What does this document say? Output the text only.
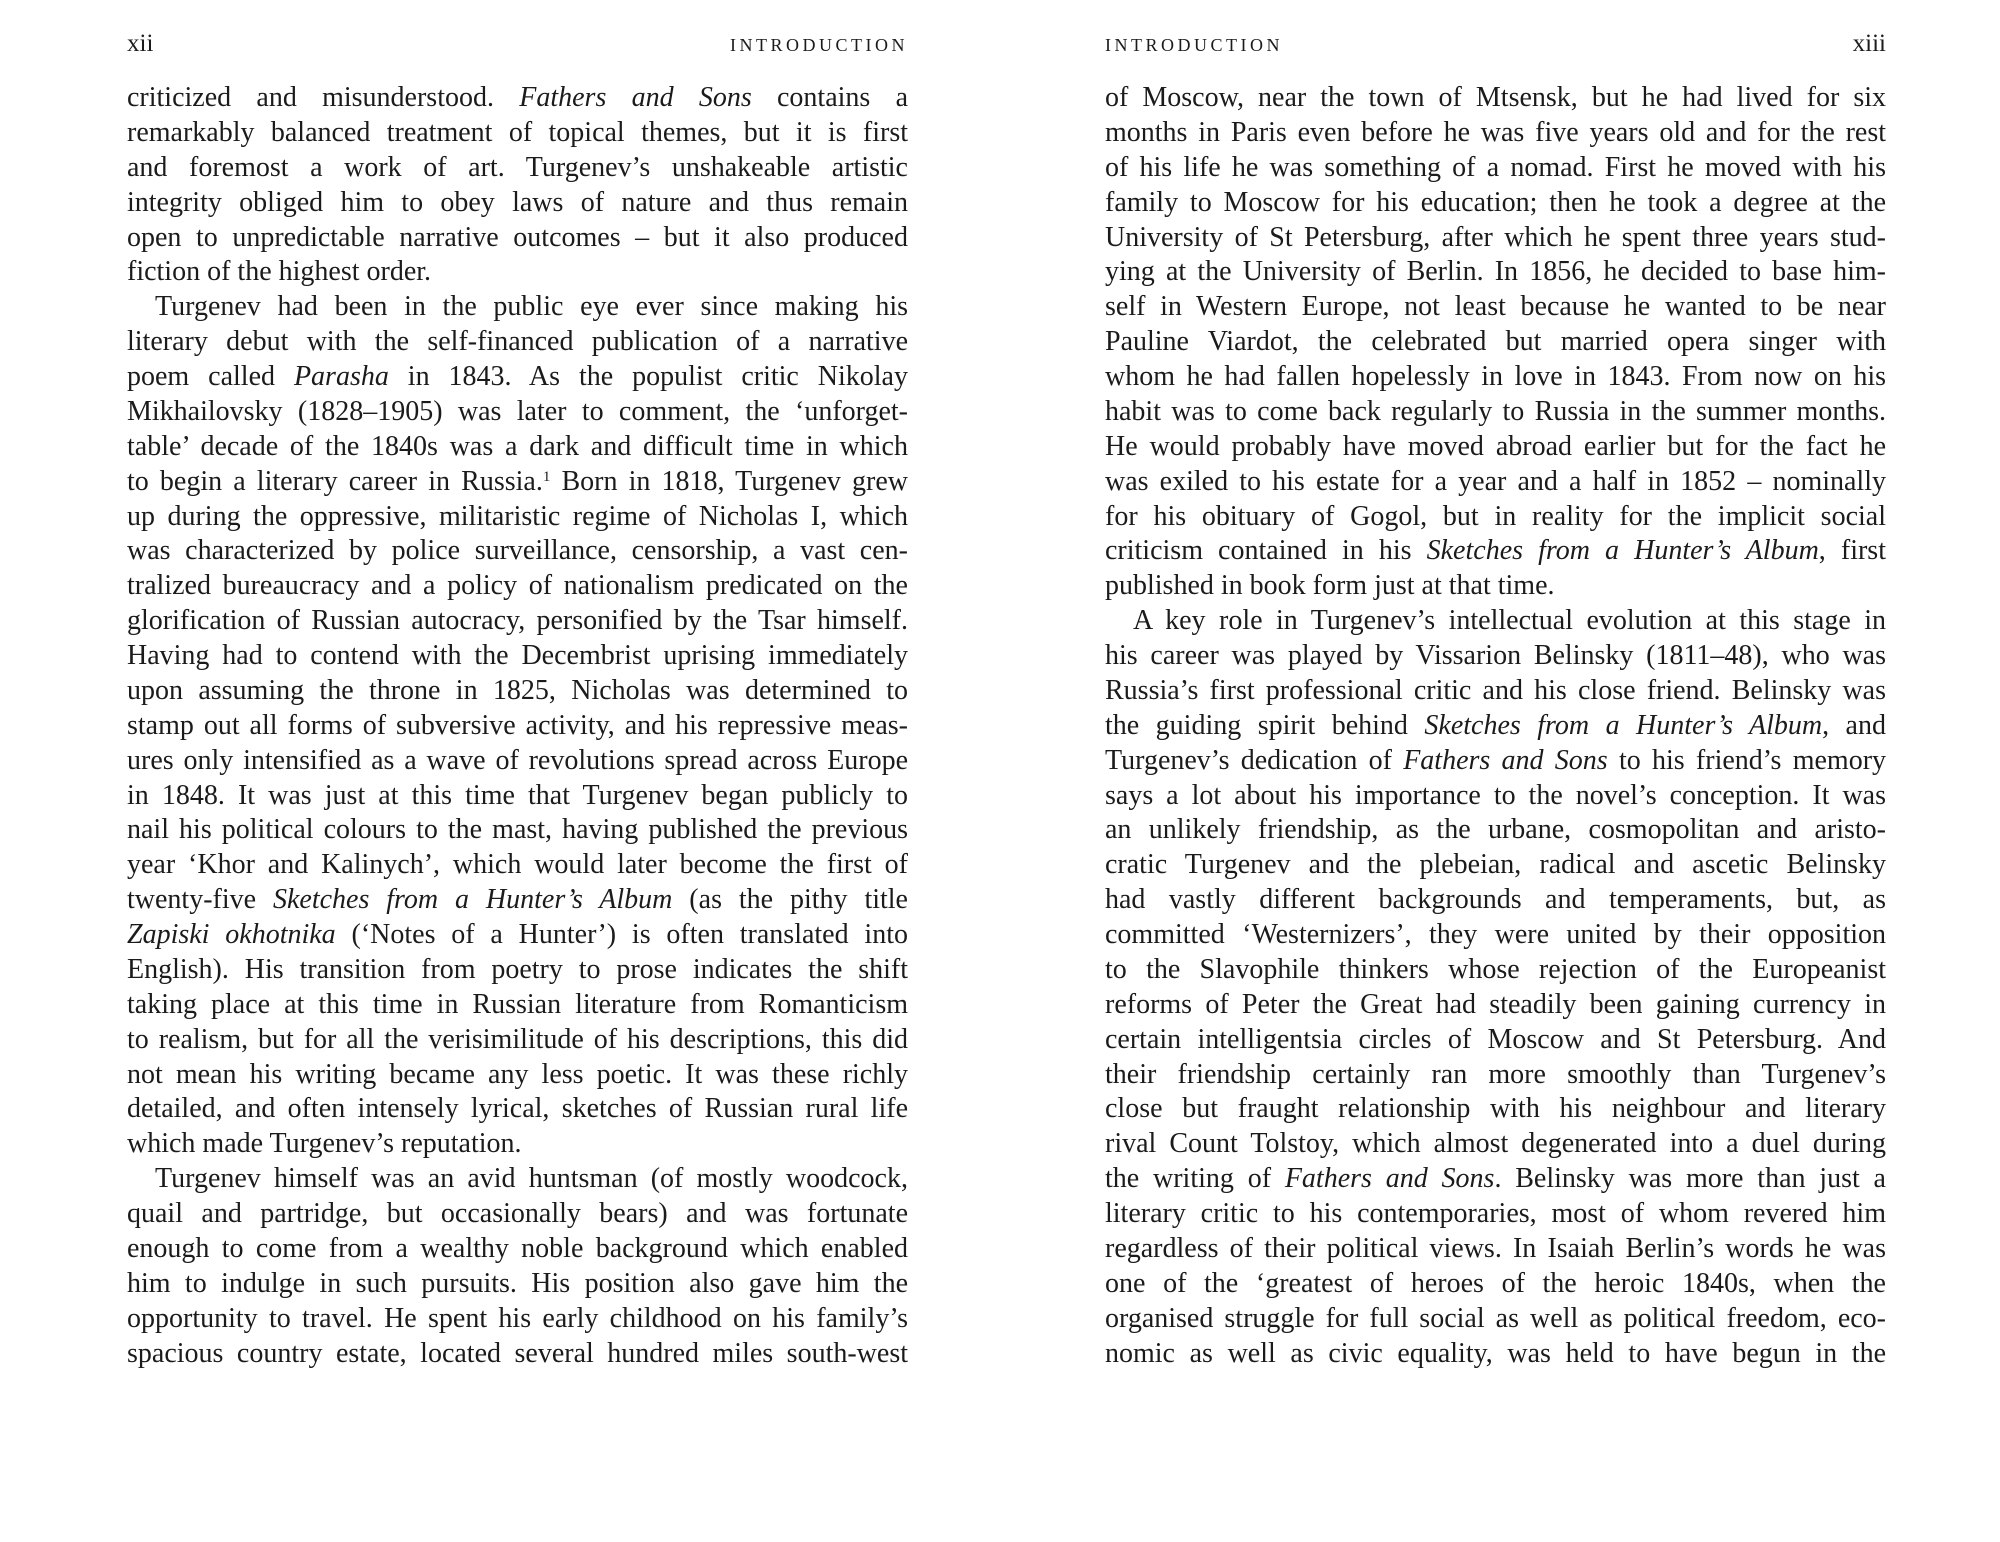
xii	INTRODUCTION
criticized and misunderstood. Fathers and Sons contains a
remarkably balanced treatment of topical themes, but it is first
and foremost a work of art. Turgenev’s unshakeable artistic
integrity obliged him to obey laws of nature and thus remain
open to unpredictable narrative outcomes – but it also produced
fiction of the highest order.
Turgenev had been in the public eye ever since making his
literary debut with the self-financed publication of a narrative
poem called Parasha in 1843. As the populist critic Nikolay
Mikhailovsky (1828–1905) was later to comment, the ‘unforget-
table’ decade of the 1840s was a dark and difficult time in which
to begin a literary career in Russia.$^1$ Born in 1818, Turgenev grew
up during the oppressive, militaristic regime of Nicholas I, which
was characterized by police surveillance, censorship, a vast cen-
tralized bureaucracy and a policy of nationalism predicated on the
glorification of Russian autocracy, personified by the Tsar himself.
Having had to contend with the Decembrist uprising immediately
upon assuming the throne in 1825, Nicholas was determined to
stamp out all forms of subversive activity, and his repressive meas-
ures only intensified as a wave of revolutions spread across Europe
in 1848. It was just at this time that Turgenev began publicly to
nail his political colours to the mast, having published the previous
year ‘Khor and Kalinych’, which would later become the first of
twenty-five Sketches from a Hunter’s Album (as the pithy title
Zapiski okhotnika (‘Notes of a Hunter’) is often translated into
English). His transition from poetry to prose indicates the shift
taking place at this time in Russian literature from Romanticism
to realism, but for all the verisimilitude of his descriptions, this did
not mean his writing became any less poetic. It was these richly
detailed, and often intensely lyrical, sketches of Russian rural life
which made Turgenev’s reputation.
Turgenev himself was an avid huntsman (of mostly woodcock,
quail and partridge, but occasionally bears) and was fortunate
enough to come from a wealthy noble background which enabled
him to indulge in such pursuits. His position also gave him the
opportunity to travel. He spent his early childhood on his family’s
spacious country estate, located several hundred miles south-west
INTRODUCTION	xiii
of Moscow, near the town of Mtsensk, but he had lived for six
months in Paris even before he was five years old and for the rest
of his life he was something of a nomad. First he moved with his
family to Moscow for his education; then he took a degree at the
University of St Petersburg, after which he spent three years stud-
ying at the University of Berlin. In 1856, he decided to base him-
self in Western Europe, not least because he wanted to be near
Pauline Viardot, the celebrated but married opera singer with
whom he had fallen hopelessly in love in 1843. From now on his
habit was to come back regularly to Russia in the summer months.
He would probably have moved abroad earlier but for the fact he
was exiled to his estate for a year and a half in 1852 – nominally
for his obituary of Gogol, but in reality for the implicit social
criticism contained in his Sketches from a Hunter’s Album, first
published in book form just at that time.
A key role in Turgenev’s intellectual evolution at this stage in
his career was played by Vissarion Belinsky (1811–48), who was
Russia’s first professional critic and his close friend. Belinsky was
the guiding spirit behind Sketches from a Hunter’s Album, and
Turgenev’s dedication of Fathers and Sons to his friend’s memory
says a lot about his importance to the novel’s conception. It was
an unlikely friendship, as the urbane, cosmopolitan and aristo-
cratic Turgenev and the plebeian, radical and ascetic Belinsky
had vastly different backgrounds and temperaments, but, as
committed ‘Westernizers’, they were united by their opposition
to the Slavophile thinkers whose rejection of the Europeanist
reforms of Peter the Great had steadily been gaining currency in
certain intelligentsia circles of Moscow and St Petersburg. And
their friendship certainly ran more smoothly than Turgenev’s
close but fraught relationship with his neighbour and literary
rival Count Tolstoy, which almost degenerated into a duel during
the writing of Fathers and Sons. Belinsky was more than just a
literary critic to his contemporaries, most of whom revered him
regardless of their political views. In Isaiah Berlin’s words he was
one of the ‘greatest of heroes of the heroic 1840s, when the
organised struggle for full social as well as political freedom, eco-
nomic as well as civic equality, was held to have begun in the
